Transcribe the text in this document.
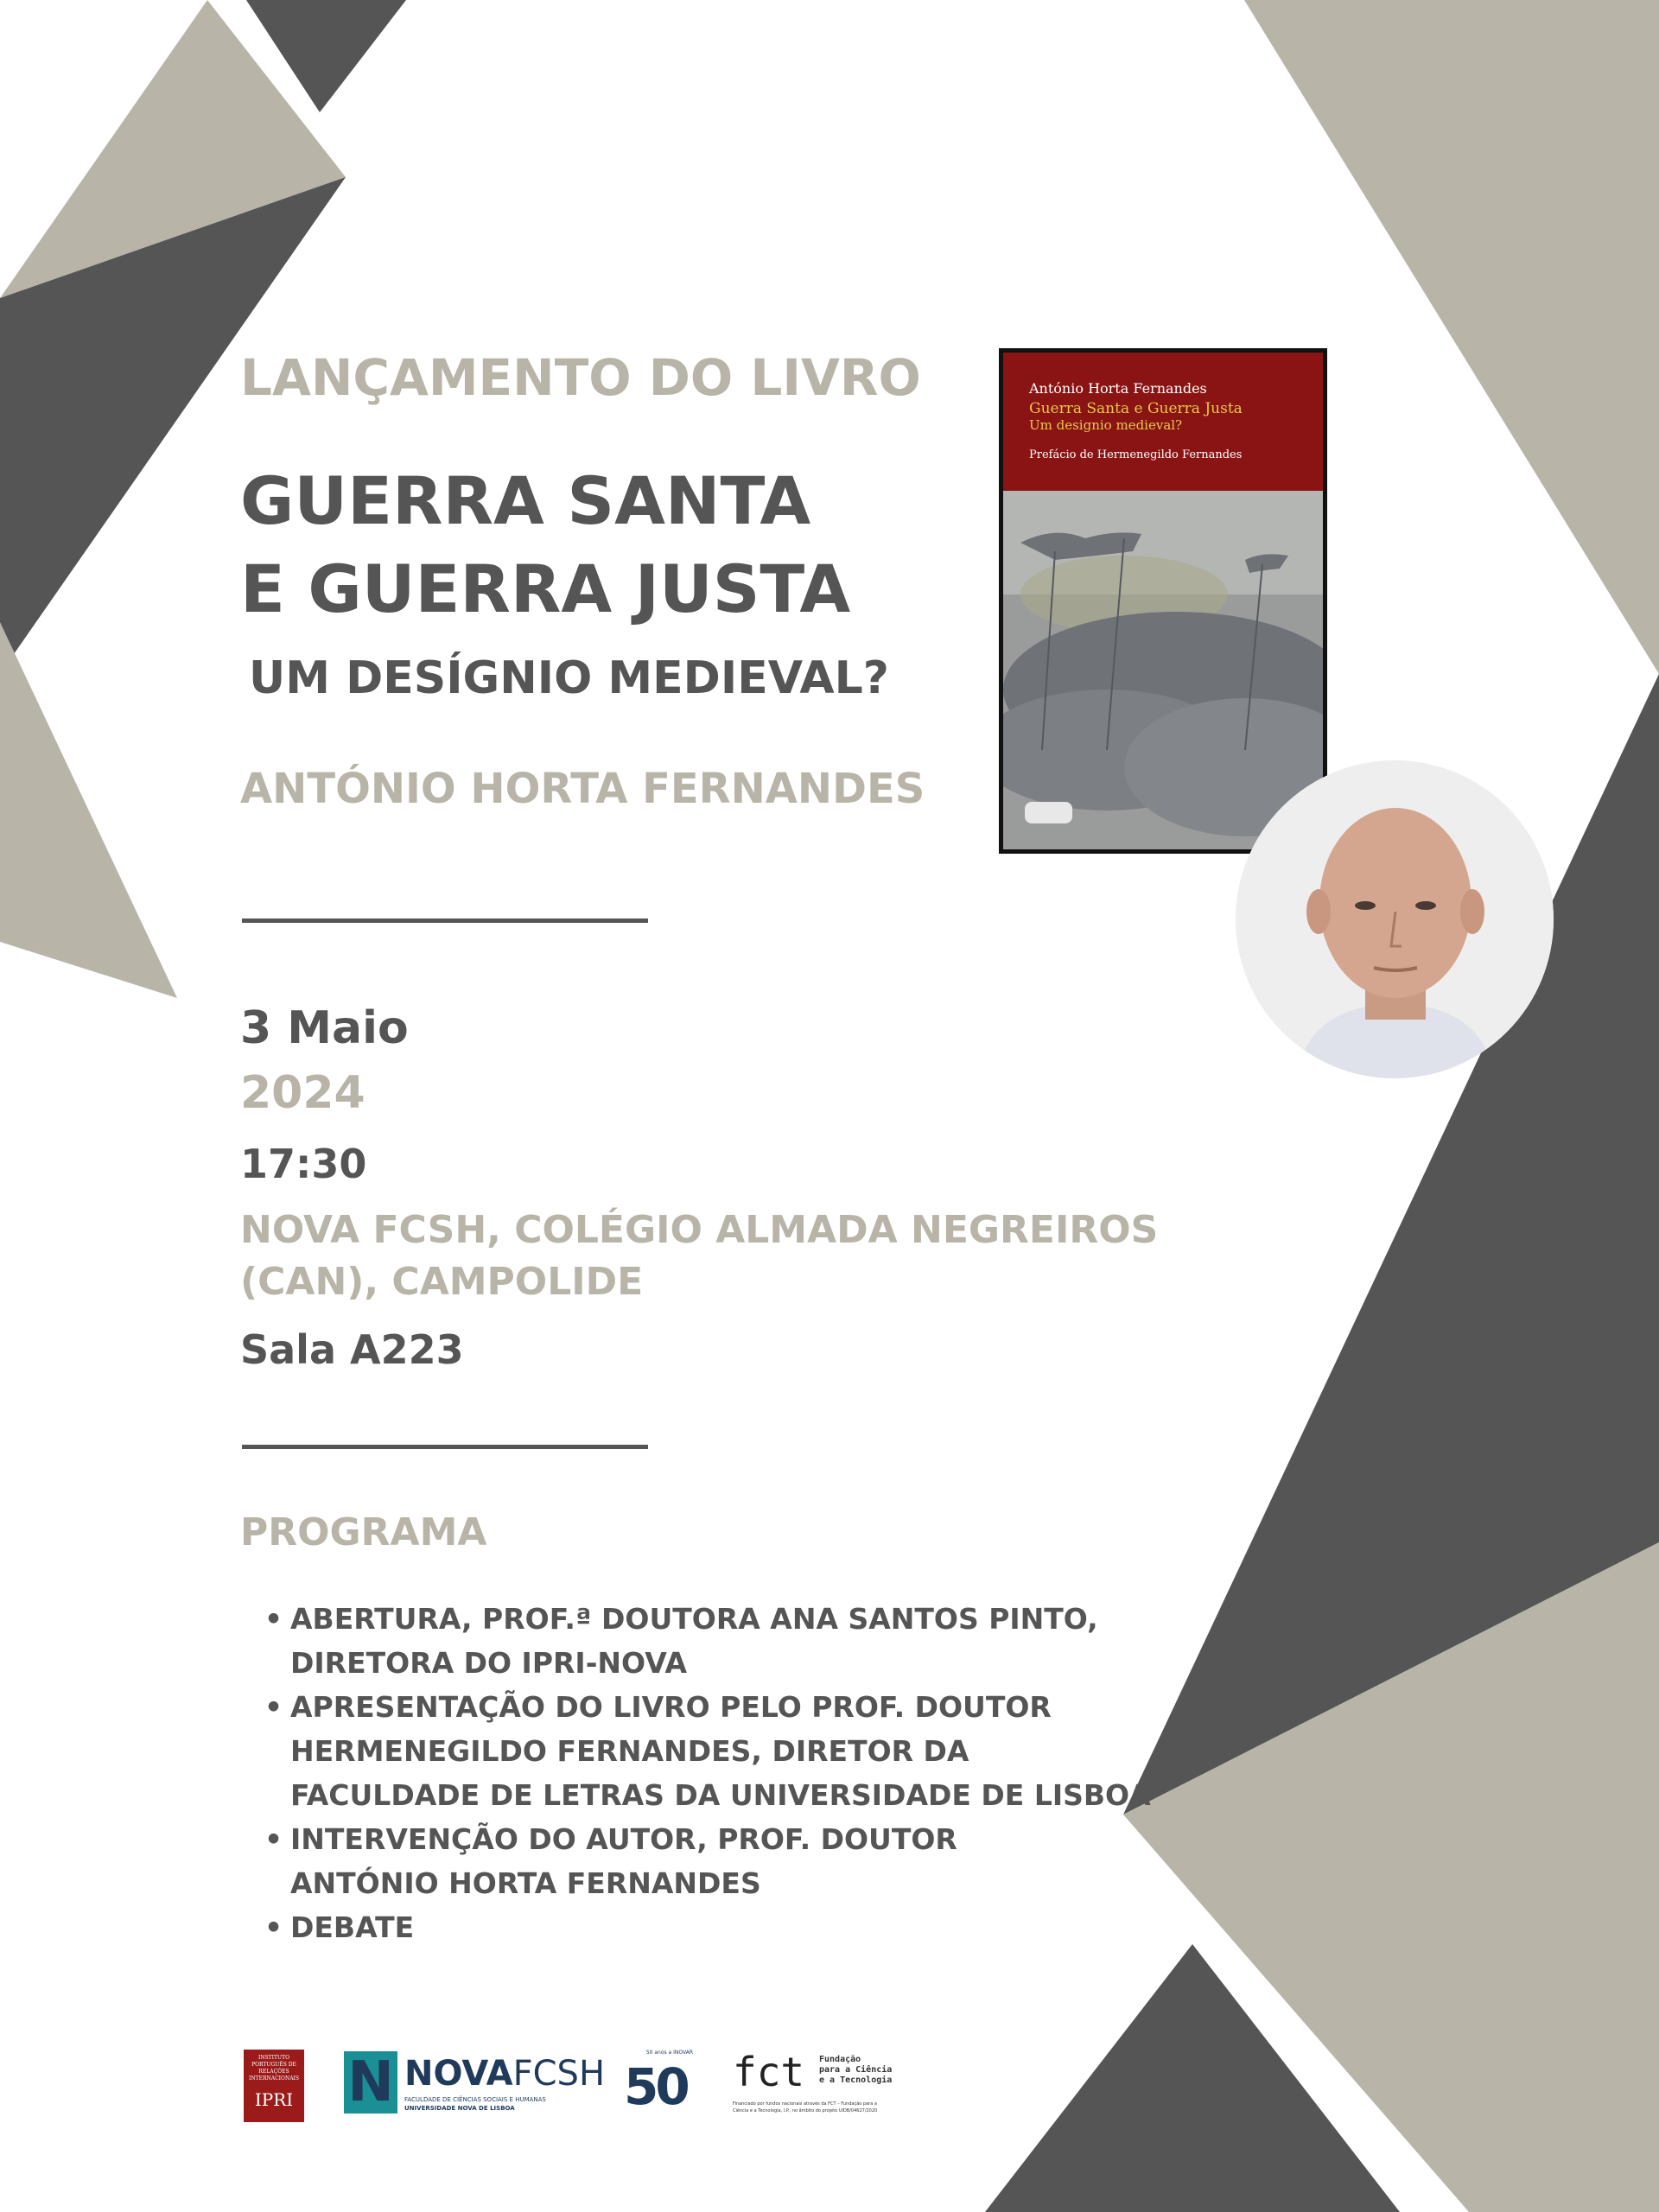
LANÇAMENTO DO LIVRO
GUERRA SANTA
E GUERRA JUSTA
UM DESÍGNIO MEDIEVAL?
ANTÓNIO HORTA FERNANDES
António Horta Fernandes
Guerra Santa e Guerra Justa
Um designio medieval?
Prefácio de Hermenegildo Fernandes
3 Maio
2024
17:30
NOVA FCSH, COLÉGIO ALMADA NEGREIROS
(CAN), CAMPOLIDE
Sala A223
PROGRAMA
• ABERTURA, PROF.ª DOUTORA ANA SANTOS PINTO,
DIRETORA DO IPRI-NOVA
• APRESENTAÇÃO DO LIVRO PELO PROF. DOUTOR
HERMENEGILDO FERNANDES, DIRETOR DA
FACULDADE DE LETRAS DA UNIVERSIDADE DE LISBOA
• INTERVENÇÃO DO AUTOR, PROF. DOUTOR
ANTÓNIO HORTA FERNANDES
• DEBATE
INSTITUTO PORTUGUÊS DE RELAÇÕES INTERNACIONAIS
IPRI N NOVAFCSH
FACULDADE DE CIÊNCIAS SOCIAIS E HUMANAS
UNIVERSIDADE NOVA DE LISBOA 50
50 anos a INOVAR fct Fundação
para a Ciência
e a Tecnologia
Financiado por fundos nacionais através da FCT – Fundação para a
Ciência e a Tecnologia, I.P., no âmbito do projeto UIDB/04627/2020
